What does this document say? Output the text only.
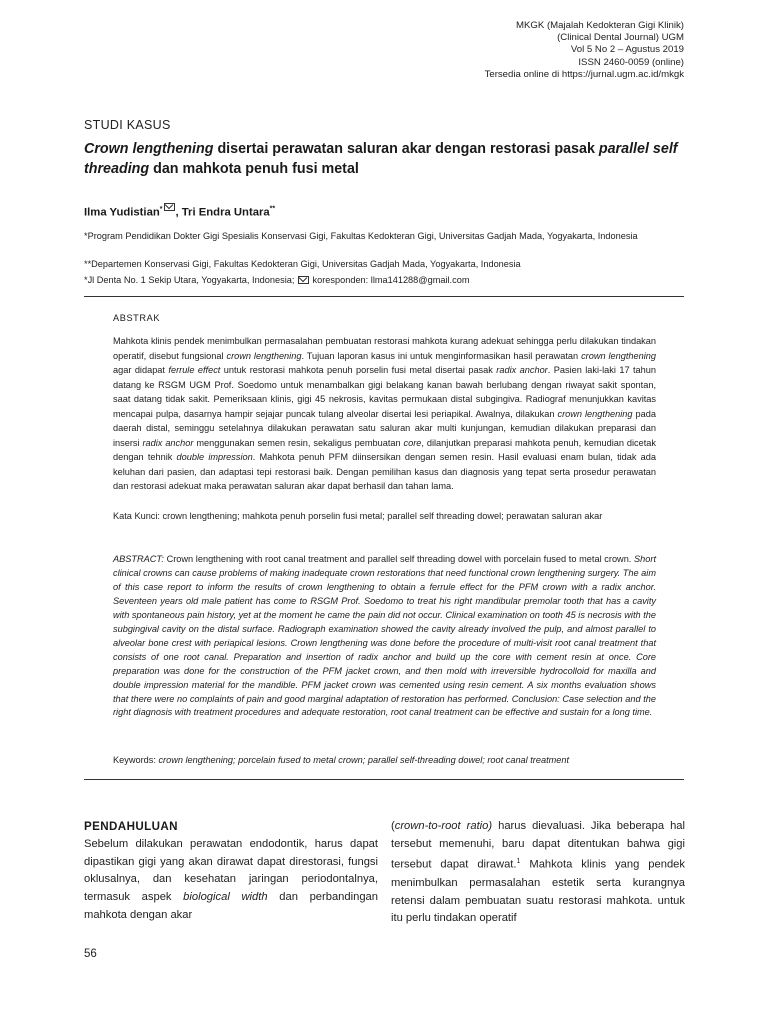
MKGK (Majalah Kedokteran Gigi Klinik)
(Clinical Dental Journal) UGM
Vol 5 No 2 – Agustus 2019
ISSN 2460-0059 (online)
Tersedia online di https://jurnal.ugm.ac.id/mkgk
STUDI KASUS
Crown lengthening disertai perawatan saluran akar dengan restorasi pasak parallel self threading dan mahkota penuh fusi metal
Ilma Yudistian* , Tri Endra Untara**
*Program Pendidikan Dokter Gigi Spesialis Konservasi Gigi, Fakultas Kedokteran Gigi, Universitas Gadjah Mada, Yogyakarta, Indonesia
**Departemen Konservasi Gigi, Fakultas Kedokteran Gigi, Universitas Gadjah Mada, Yogyakarta, Indonesia
*Jl Denta No. 1 Sekip Utara, Yogyakarta, Indonesia;  koresponden: llma141288@gmail.com
ABSTRAK
Mahkota klinis pendek menimbulkan permasalahan pembuatan restorasi mahkota kurang adekuat sehingga perlu dilakukan tindakan operatif, disebut fungsional crown lengthening. Tujuan laporan kasus ini untuk menginformasikan hasil perawatan crown lengthening agar didapat ferrule effect untuk restorasi mahkota penuh porselin fusi metal disertai pasak radix anchor. Pasien laki-laki 17 tahun datang ke RSGM UGM Prof. Soedomo untuk menambalkan gigi belakang kanan bawah berlubang dengan riwayat sakit spontan, saat datang tidak sakit. Pemeriksaan klinis, gigi 45 nekrosis, kavitas permukaan distal subgingiva. Radiograf menunjukkan kavitas mencapai pulpa, dasarnya hampir sejajar puncak tulang alveolar disertai lesi periapikal. Awalnya, dilakukan crown lengthening pada daerah distal, seminggu setelahnya dilakukan perawatan satu saluran akar multi kunjungan, kemudian dilakukan preparasi dan insersi radix anchor menggunakan semen resin, sekaligus pembuatan core, dilanjutkan preparasi mahkota penuh, kemudian dicetak dengan tehnik double impression. Mahkota penuh PFM diinsersikan dengan semen resin. Hasil evaluasi enam bulan, tidak ada keluhan dari pasien, dan adaptasi tepi restorasi baik. Dengan pemilihan kasus dan diagnosis yang tepat serta prosedur perawatan dan restorasi adekuat maka perawatan saluran akar dapat berhasil dan tahan lama.
Kata Kunci: crown lengthening; mahkota penuh porselin fusi metal; parallel self threading dowel; perawatan saluran akar
ABSTRACT: Crown lengthening with root canal treatment and parallel self threading dowel with porcelain fused to metal crown. Short clinical crowns can cause problems of making inadequate crown restorations that need functional crown lengthening surgery. The aim of this case report to inform the results of crown lengthening to obtain a ferrule effect for the PFM crown with a radix anchor. Seventeen years old male patient has come to RSGM Prof. Soedomo to treat his right mandibular premolar tooth that has a cavity with spontaneous pain history, yet at the moment he came the pain did not occur. Clinical examination on tooth 45 is necrosis with the subgingival cavity on the distal surface. Radiograph examination showed the cavity already involved the pulp, and almost parallel to alveolar bone crest with periapical lesions. Crown lengthening was done before the procedure of multi-visit root canal treatment that consists of one root canal. Preparation and insertion of radix anchor and build up the core with cement resin at once. Core preparation was done for the construction of the PFM jacket crown, and then mold with irreversible hydrocolloid for maxilla and double impression material for the mandible. PFM jacket crown was cemented using resin cement. A six months evaluation shows that there were no complaints of pain and good marginal adaptation of restoration has performed. Conclusion: Case selection and the right diagnosis with treatment procedures and adequate restoration, root canal treatment can be effective and sustain for a long time.
Keywords: crown lengthening; porcelain fused to metal crown; parallel self-threading dowel; root canal treatment
PENDAHULUAN
Sebelum dilakukan perawatan endodontik, harus dapat dipastikan gigi yang akan dirawat dapat direstorasi, fungsi oklusalnya, dan kesehatan jaringan periodontalnya, termasuk aspek biological width dan perbandingan mahkota dengan akar
(crown-to-root ratio) harus dievaluasi. Jika beberapa hal tersebut memenuhi, baru dapat ditentukan bahwa gigi tersebut dapat dirawat.$^1$ Mahkota klinis yang pendek menimbulkan permasalahan estetik serta kurangnya retensi dalam pembuatan suatu restorasi mahkota. untuk itu perlu tindakan operatif
56
